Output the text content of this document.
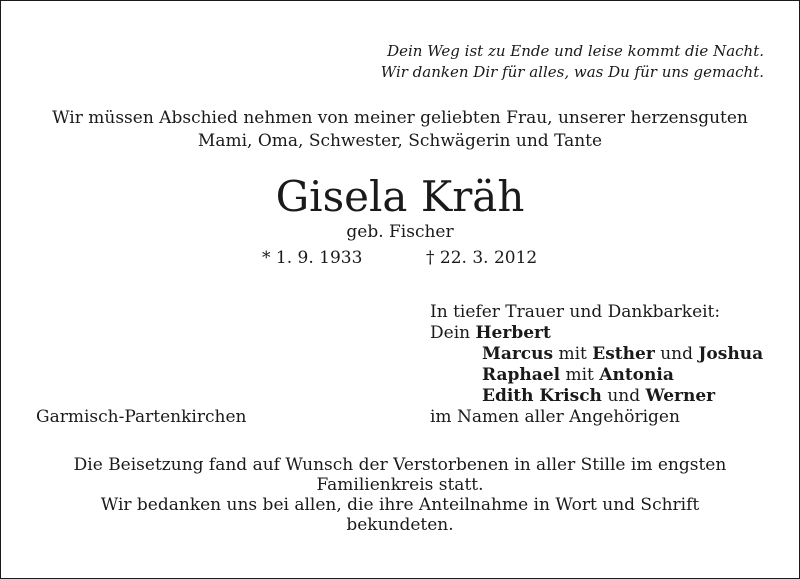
Dein Weg ist zu Ende und leise kommt die Nacht.
Wir danken Dir für alles, was Du für uns gemacht.
Wir müssen Abschied nehmen von meiner geliebten Frau, unserer herzensguten
Mami, Oma, Schwester, Schwägerin und Tante
Gisela Kräh
geb. Fischer
* 1. 9. 1933	† 22. 3. 2012
In tiefer Trauer und Dankbarkeit:
Dein Herbert
Marcus mit Esther und Joshua
Raphael mit Antonia
Edith Krisch und Werner
Garmisch-Partenkirchen	im Namen aller Angehörigen
Die Beisetzung fand auf Wunsch der Verstorbenen in aller Stille im engsten
Familienkreis statt.
Wir bedanken uns bei allen, die ihre Anteilnahme in Wort und Schrift
bekundeten.
